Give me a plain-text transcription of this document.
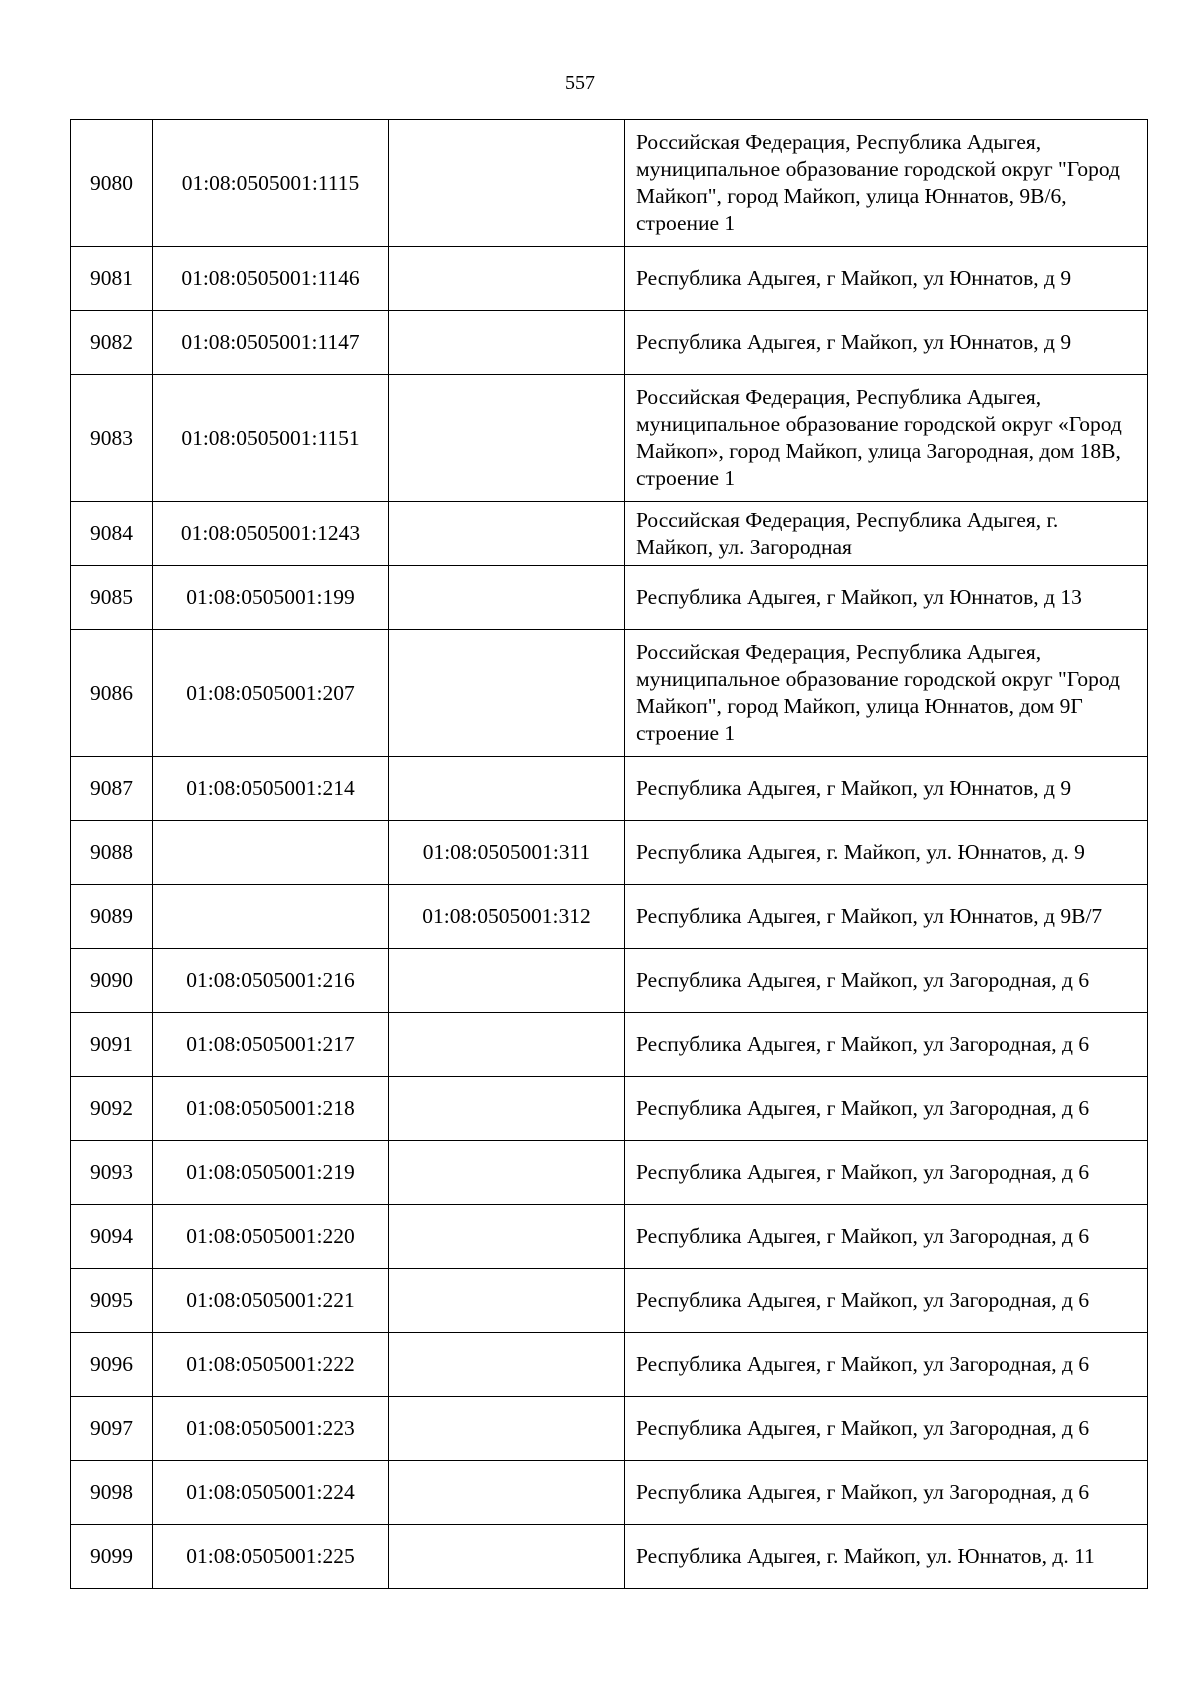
557
9080	01:08:0505001:1115		Российская Федерация, Республика Адыгея, муниципальное образование городской округ "Город Майкоп", город Майкоп, улица Юннатов, 9В/6, строение 1
9081	01:08:0505001:1146		Республика Адыгея, г Майкоп, ул Юннатов, д 9
9082	01:08:0505001:1147		Республика Адыгея, г Майкоп, ул Юннатов, д 9
9083	01:08:0505001:1151		Российская Федерация, Республика Адыгея, муниципальное образование городской округ «Город Майкоп», город Майкоп, улица Загородная, дом 18В, строение 1
9084	01:08:0505001:1243		Российская Федерация, Республика Адыгея, г. Майкоп, ул. Загородная
9085	01:08:0505001:199		Республика Адыгея, г Майкоп, ул Юннатов, д 13
9086	01:08:0505001:207		Российская Федерация, Республика Адыгея, муниципальное образование городской округ "Город Майкоп", город Майкоп, улица Юннатов, дом 9Г строение 1
9087	01:08:0505001:214		Республика Адыгея, г Майкоп, ул Юннатов, д 9
9088		01:08:0505001:311	Республика Адыгея, г. Майкоп, ул. Юннатов, д. 9
9089		01:08:0505001:312	Республика Адыгея, г Майкоп, ул Юннатов, д 9В/7
9090	01:08:0505001:216		Республика Адыгея, г Майкоп, ул Загородная, д 6
9091	01:08:0505001:217		Республика Адыгея, г Майкоп, ул Загородная, д 6
9092	01:08:0505001:218		Республика Адыгея, г Майкоп, ул Загородная, д 6
9093	01:08:0505001:219		Республика Адыгея, г Майкоп, ул Загородная, д 6
9094	01:08:0505001:220		Республика Адыгея, г Майкоп, ул Загородная, д 6
9095	01:08:0505001:221		Республика Адыгея, г Майкоп, ул Загородная, д 6
9096	01:08:0505001:222		Республика Адыгея, г Майкоп, ул Загородная, д 6
9097	01:08:0505001:223		Республика Адыгея, г Майкоп, ул Загородная, д 6
9098	01:08:0505001:224		Республика Адыгея, г Майкоп, ул Загородная, д 6
9099	01:08:0505001:225		Республика Адыгея, г. Майкоп, ул. Юннатов, д. 11
